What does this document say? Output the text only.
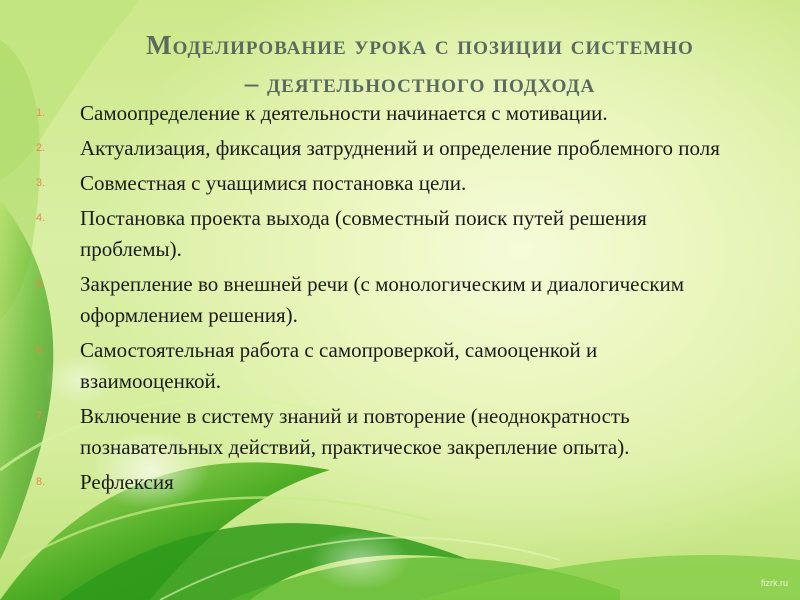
Моделирование урока с позиции системно
– деятельностного подхода
1.	Самоопределение к деятельности начинается с мотивации.
2.	Актуализация, фиксация затруднений и определение проблемного поля
3.	Совместная с учащимися постановка цели.
4.	Постановка проекта выхода (совместный поиск путей решения проблемы).
5.	Закрепление во внешней речи (с монологическим и диалогическим оформлением решения).
6.	Самостоятельная работа с самопроверкой, самооценкой и взаимооценкой.
7.	Включение в систему знаний и повторение (неоднократность познавательных действий, практическое закрепление опыта).
8.	Рефлексия
fizrk.ru
